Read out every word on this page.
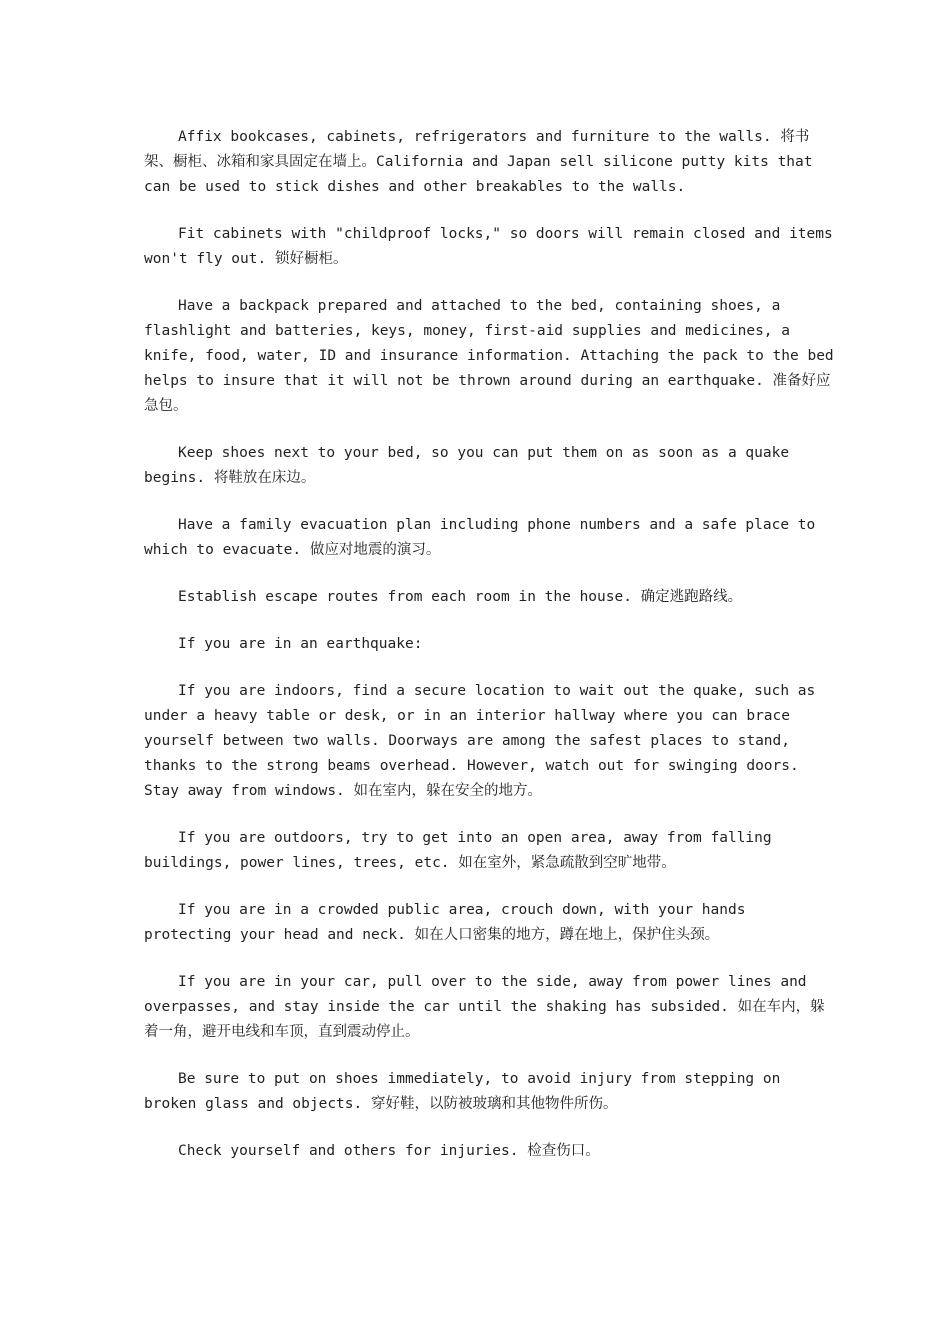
Affix bookcases, cabinets, refrigerators and furniture to the walls. 将书架、橱柜、冰箱和家具固定在墙上。California and Japan sell silicone putty kits that can be used to stick dishes and other breakables to the walls.

Fit cabinets with "childproof locks," so doors will remain closed and items won't fly out. 锁好橱柜。

Have a backpack prepared and attached to the bed, containing shoes, a flashlight and batteries, keys, money, first-aid supplies and medicines, a knife, food, water, ID and insurance information. Attaching the pack to the bed helps to insure that it will not be thrown around during an earthquake. 准备好应急包。

Keep shoes next to your bed, so you can put them on as soon as a quake begins. 将鞋放在床边。

Have a family evacuation plan including phone numbers and a safe place to which to evacuate. 做应对地震的演习。

Establish escape routes from each room in the house. 确定逃跑路线。

If you are in an earthquake:

If you are indoors, find a secure location to wait out the quake, such as under a heavy table or desk, or in an interior hallway where you can brace yourself between two walls. Doorways are among the safest places to stand, thanks to the strong beams overhead. However, watch out for swinging doors. Stay away from windows. 如在室内，躲在安全的地方。

If you are outdoors, try to get into an open area, away from falling buildings, power lines, trees, etc. 如在室外，紧急疏散到空旷地带。

If you are in a crowded public area, crouch down, with your hands protecting your head and neck. 如在人口密集的地方，蹲在地上，保护住头颈。

If you are in your car, pull over to the side, away from power lines and overpasses, and stay inside the car until the shaking has subsided. 如在车内，躲着一角，避开电线和车顶，直到震动停止。

Be sure to put on shoes immediately, to avoid injury from stepping on broken glass and objects. 穿好鞋，以防被玻璃和其他物件所伤。

Check yourself and others for injuries. 检查伤口。
